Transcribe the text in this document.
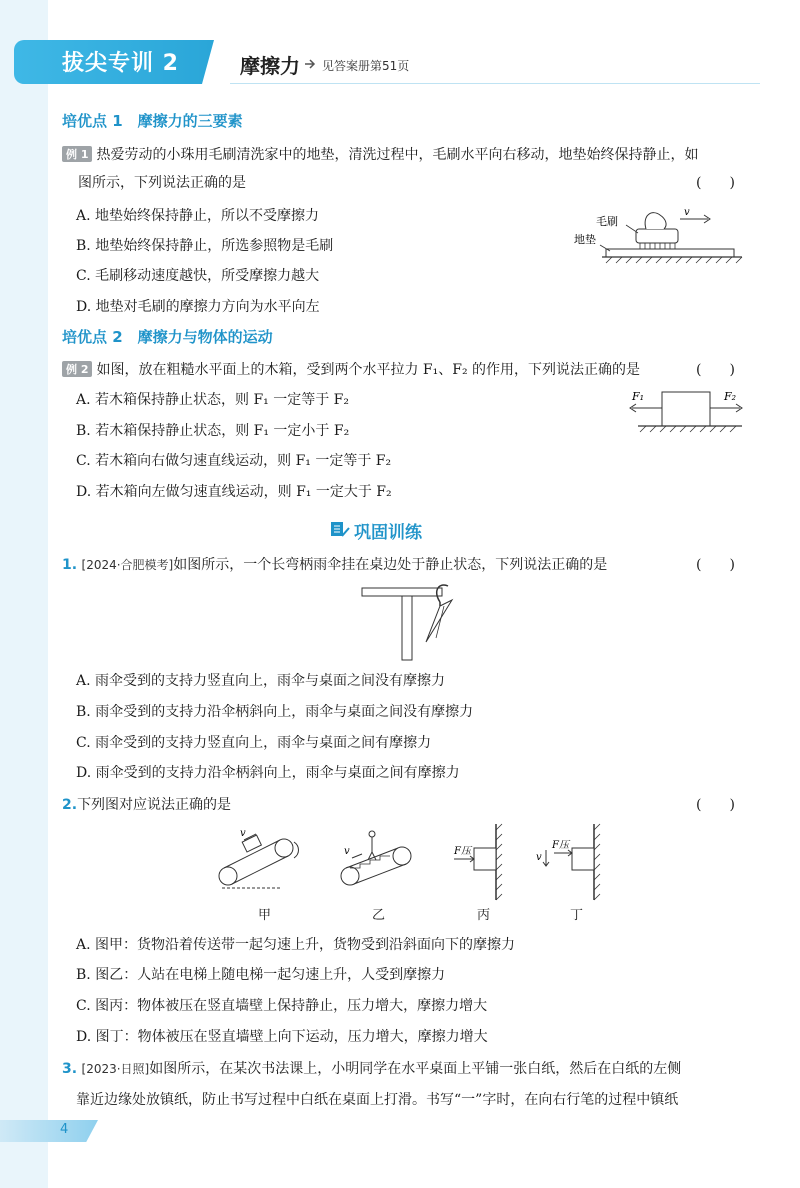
拔尖专训 2	摩擦力 见答案册第51页
培优点 1　摩擦力的三要素
例 1 热爱劳动的小珠用毛刷清洗家中的地垫，清洗过程中，毛刷水平向右移动，地垫始终保持静止，如
图所示，下列说法正确的是	(　　)
A. 地垫始终保持静止，所以不受摩擦力
B. 地垫始终保持静止，所选参照物是毛刷
C. 毛刷移动速度越快，所受摩擦力越大
D. 地垫对毛刷的摩擦力方向为水平向左
v
毛刷
地垫
培优点 2　摩擦力与物体的运动
例 2 如图，放在粗糙水平面上的木箱，受到两个水平拉力 F₁、F₂ 的作用，下列说法正确的是	(　　)
A. 若木箱保持静止状态，则 F₁ 一定等于 F₂
B. 若木箱保持静止状态，则 F₁ 一定小于 F₂
C. 若木箱向右做匀速直线运动，则 F₁ 一定等于 F₂
D. 若木箱向左做匀速直线运动，则 F₁ 一定大于 F₂
F₁	F₂
巩固训练
1. [2024·合肥模考]如图所示，一个长弯柄雨伞挂在桌边处于静止状态，下列说法正确的是	(　　)
A. 雨伞受到的支持力竖直向上，雨伞与桌面之间没有摩擦力
B. 雨伞受到的支持力沿伞柄斜向上，雨伞与桌面之间没有摩擦力
C. 雨伞受到的支持力竖直向上，雨伞与桌面之间有摩擦力
D. 雨伞受到的支持力沿伞柄斜向上，雨伞与桌面之间有摩擦力
2.下列图对应说法正确的是	(　　)
v
v	F压
F压
v
甲	乙	丙	丁
A. 图甲：货物沿着传送带一起匀速上升，货物受到沿斜面向下的摩擦力
B. 图乙：人站在电梯上随电梯一起匀速上升，人受到摩擦力
C. 图丙：物体被压在竖直墙壁上保持静止，压力增大，摩擦力增大
D. 图丁：物体被压在竖直墙壁上向下运动，压力增大，摩擦力增大
3. [2023·日照]如图所示，在某次书法课上，小明同学在水平桌面上平铺一张白纸，然后在白纸的左侧
靠近边缘处放镇纸，防止书写过程中白纸在桌面上打滑。书写“一”字时，在向右行笔的过程中镇纸
4
